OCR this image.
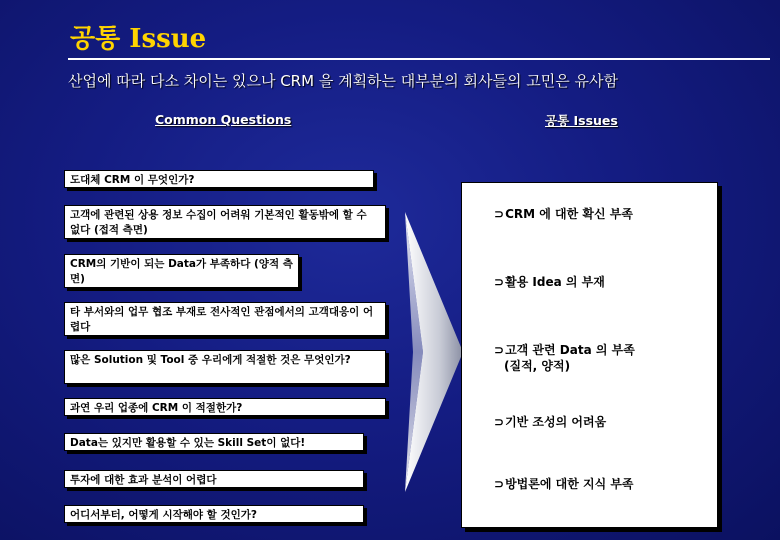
공통 Issue
산업에 따라 다소 차이는 있으나 CRM 을 계획하는 대부분의 회사들의 고민은 유사함
Common Questions	공통 Issues
도대체 CRM 이 무엇인가?
고객에 관련된 상용 정보 수집이 어려워 기본적인 활동밖에 할 수 없다 (접적 측면)
CRM의 기반이 되는 Data가 부족하다 (양적 측면)
타 부서와의 업무 협조 부재로 전사적인 관점에서의 고객대응이 어렵다
많은 Solution 및 Tool 중 우리에게 적절한 것은 무엇인가?
과연 우리 업종에 CRM 이 적절한가?
Data는 있지만 활용할 수 있는 Skill Set이 없다!
투자에 대한 효과 분석이 어렵다
어디서부터, 어떻게 시작해야 할 것인가?
⊃CRM 에 대한 확신 부족
⊃활용 Idea 의 부재
⊃고객 관련 Data 의 부족
(질적, 양적)
⊃기반 조성의 어려움
⊃방법론에 대한 지식 부족
